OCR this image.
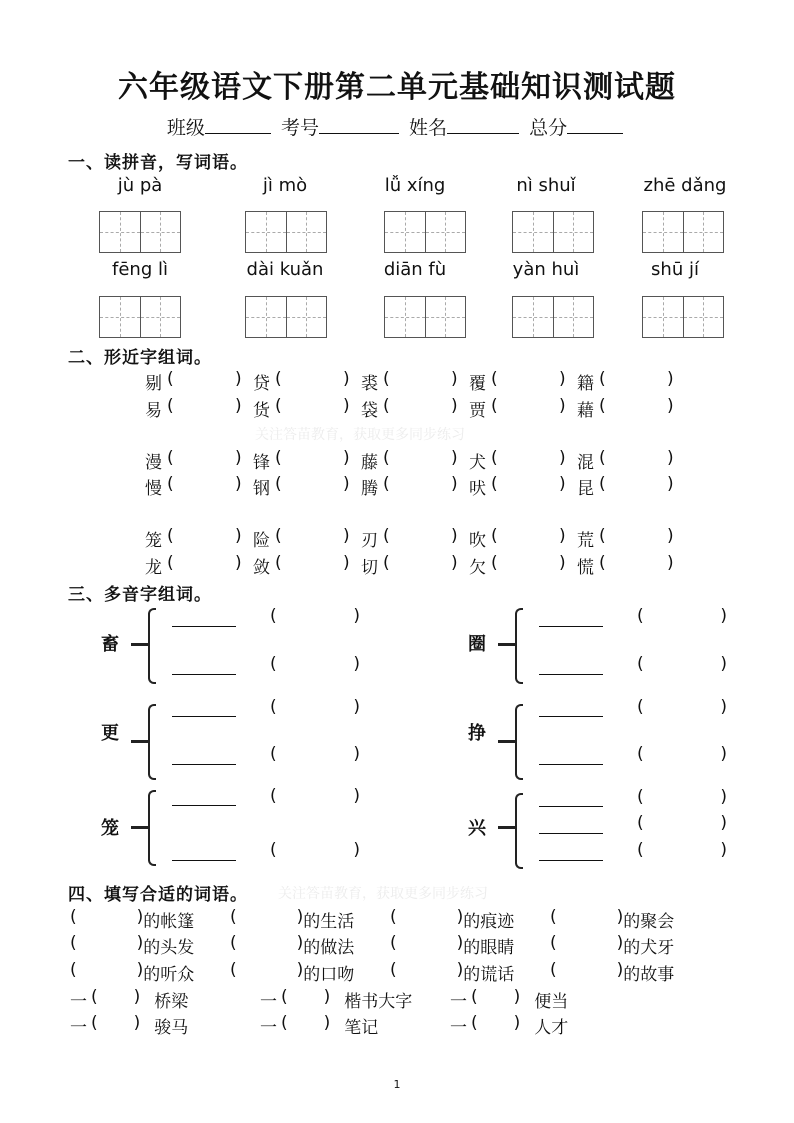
六年级语文下册第二单元基础知识测试题
班级	考号	姓名	总分
一、读拼音，写词语。
jù pà	jì mò	lǚ xíng	nì shuǐ	zhē dǎng
fēng lì	dài kuǎn	diān fù	yàn huì	shū jí
二、形近字组词。
剔 (	) 贷 (	) 裘 (	) 覆 (	) 籍 (	)
易 (	) 货 (	) 袋 (	) 贾 (	) 藉 (	)
关注答苗教育，获取更多同步练习
漫 (	) 锋 (	) 藤 (	) 犬 (	) 混 (	)
慢 (	) 钢 (	) 腾 (	) 吠 (	) 昆 (	)
笼 (	) 险 (	) 刃 (	) 吹 (	) 荒 (	)
龙 (	) 敛 (	) 切 (	) 欠 (	) 慌 (	)
三、多音字组词。
畜
(	)
(	)
圈
(	)
(	)
更
(	)
(	)
挣
(	)
(	)
笼
(	)
(	)
兴
(	)
(	)
(	)
四、填写合适的词语。 关注答苗教育，获取更多同步练习
(	) 的帐篷 (	) 的生活 (	) 的痕迹 (	) 的聚会
(	) 的头发 (	) 的做法 (	) 的眼睛 (	) 的犬牙
(	) 的听众 (	) 的口吻 (	) 的谎话 (	) 的故事
一 ( ) 桥梁	一 ( ) 楷书大字 一 ( ) 便当
一 ( ) 骏马	一 ( ) 笔记	一 ( ) 人才
1
